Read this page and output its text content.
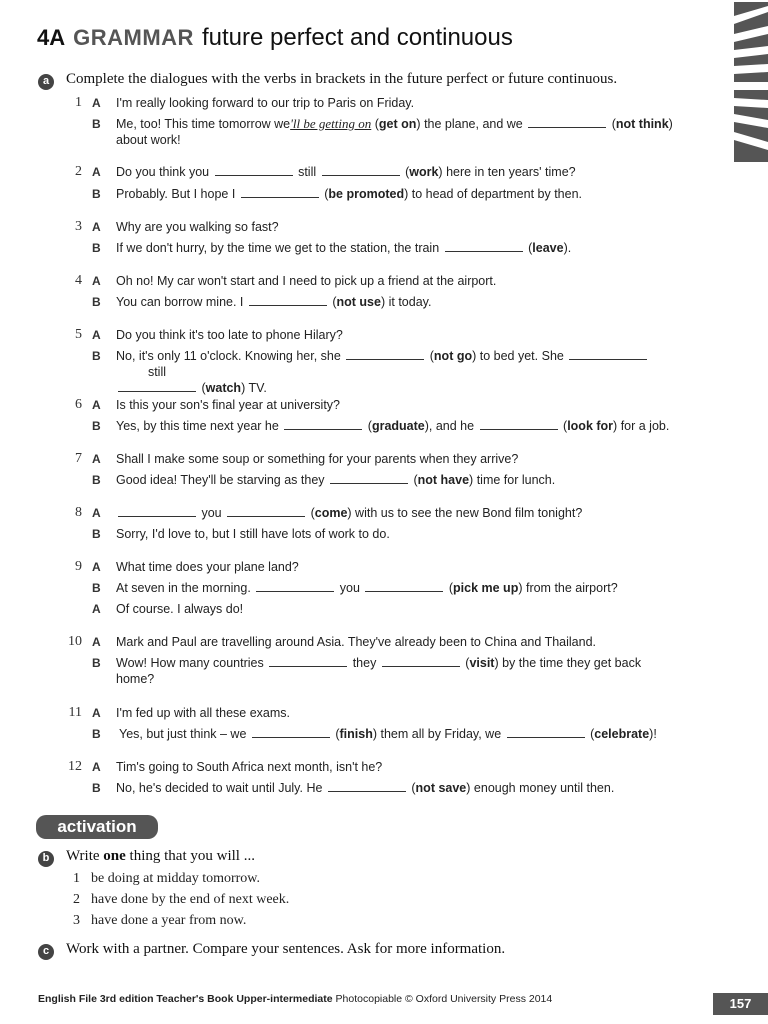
4A GRAMMAR future perfect and continuous
a	Complete the dialogues with the verbs in brackets in the future perfect or future continuous.
1 A I'm really looking forward to our trip to Paris on Friday.
B Me, too! This time tomorrow we'll be getting on (get on) the plane, and we	(not think) about work!
2 A Do you think you	still	(work) here in ten years' time?
B Probably. But I hope I	(be promoted) to head of department by then.
3 A Why are you walking so fast?
B If we don't hurry, by the time we get to the station, the train	(leave).
4 A Oh no! My car won't start and I need to pick up a friend at the airport.
B You can borrow mine. I	(not use) it today.
5 A Do you think it's too late to phone Hilary?
B No, it's only 11 o'clock. Knowing her, she	(not go) to bed yet. She still
(watch) TV.
6 A Is this your son's final year at university?
B Yes, by this time next year he	(graduate), and he	(look for) for a job.
7 A Shall I make some soup or something for your parents when they arrive?
B Good idea! They'll be starving as they	(not have) time for lunch.
8 A	you	(come) with us to see the new Bond film tonight?
B Sorry, I'd love to, but I still have lots of work to do.
9 A What time does your plane land?
B At seven in the morning.	you	(pick me up) from the airport?
A Of course. I always do!
10 A Mark and Paul are travelling around Asia. They've already been to China and Thailand.
B Wow! How many countries	they	(visit) by the time they get back home?
11 A I'm fed up with all these exams.
B Yes, but just think – we	(finish) them all by Friday, we	(celebrate)!
12 A Tim's going to South Africa next month, isn't he?
B No, he's decided to wait until July. He	(not save) enough money until then.
activation
b	Write one thing that you will ...
1 be doing at midday tomorrow.
2 have done by the end of next week.
3 have done a year from now.
c	Work with a partner. Compare your sentences. Ask for more information.
English File 3rd edition Teacher's Book Upper-intermediate Photocopiable © Oxford University Press 2014	157
